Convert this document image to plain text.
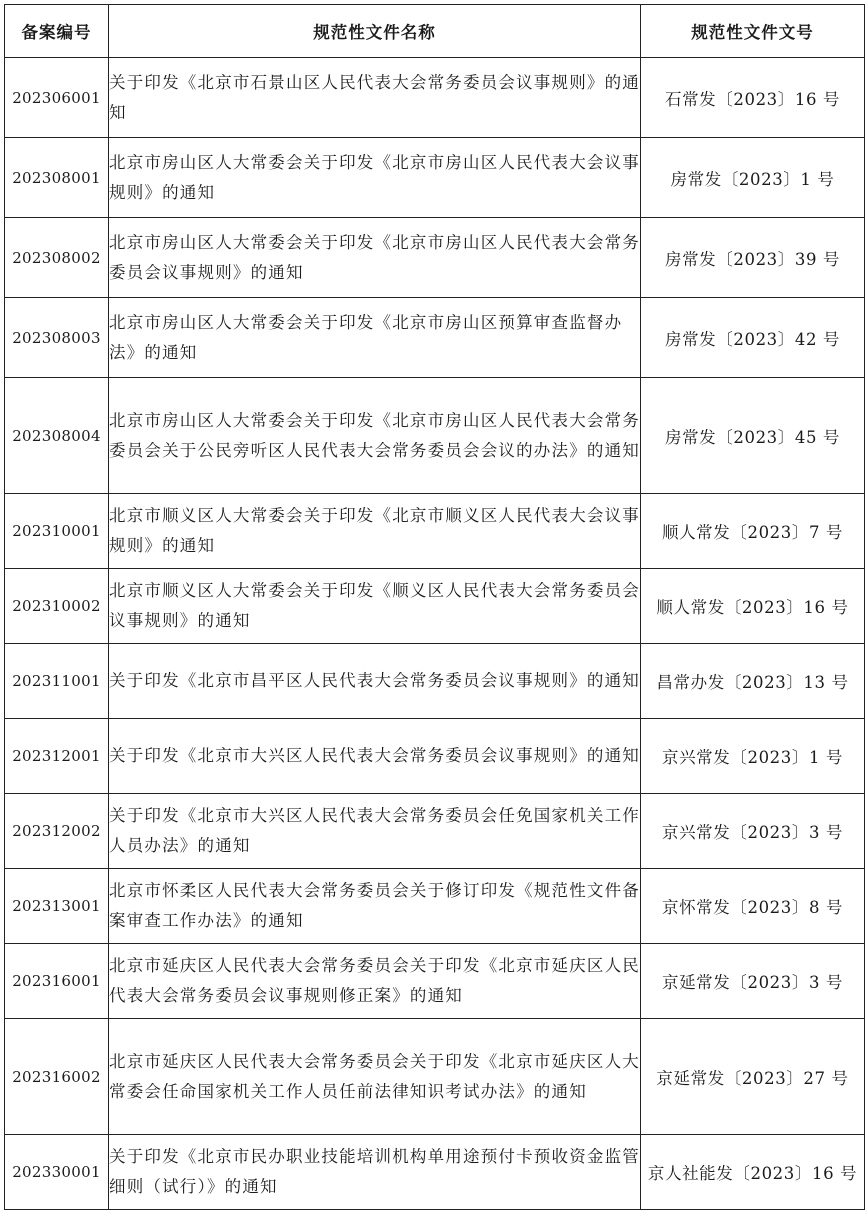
备案编号	规范性文件名称	规范性文件文号
202306001	关于印发《北京市石景山区人民代表大会常务委员会议事规则》的通知	石常发〔2023〕16 号
202308001	北京市房山区人大常委会关于印发《北京市房山区人民代表大会议事规则》的通知	房常发〔2023〕1 号
202308002	北京市房山区人大常委会关于印发《北京市房山区人民代表大会常务委员会议事规则》的通知	房常发〔2023〕39 号
202308003	北京市房山区人大常委会关于印发《北京市房山区预算审查监督办法》的通知	房常发〔2023〕42 号
202308004	北京市房山区人大常委会关于印发《北京市房山区人民代表大会常务委员会关于公民旁听区人民代表大会常务委员会会议的办法》的通知	房常发〔2023〕45 号
202310001	北京市顺义区人大常委会关于印发《北京市顺义区人民代表大会议事规则》的通知	顺人常发〔2023〕7 号
202310002	北京市顺义区人大常委会关于印发《顺义区人民代表大会常务委员会议事规则》的通知	顺人常发〔2023〕16 号
202311001	关于印发《北京市昌平区人民代表大会常务委员会议事规则》的通知	昌常办发〔2023〕13 号
202312001	关于印发《北京市大兴区人民代表大会常务委员会议事规则》的通知	京兴常发〔2023〕1 号
202312002	关于印发《北京市大兴区人民代表大会常务委员会任免国家机关工作人员办法》的通知	京兴常发〔2023〕3 号
202313001	北京市怀柔区人民代表大会常务委员会关于修订印发《规范性文件备案审查工作办法》的通知	京怀常发〔2023〕8 号
202316001	北京市延庆区人民代表大会常务委员会关于印发《北京市延庆区人民代表大会常务委员会议事规则修正案》的通知	京延常发〔2023〕3 号
202316002	北京市延庆区人民代表大会常务委员会关于印发《北京市延庆区人大常委会任命国家机关工作人员任前法律知识考试办法》的通知	京延常发〔2023〕27 号
202330001	关于印发《北京市民办职业技能培训机构单用途预付卡预收资金监管细则（试行）》的通知	京人社能发〔2023〕16 号
